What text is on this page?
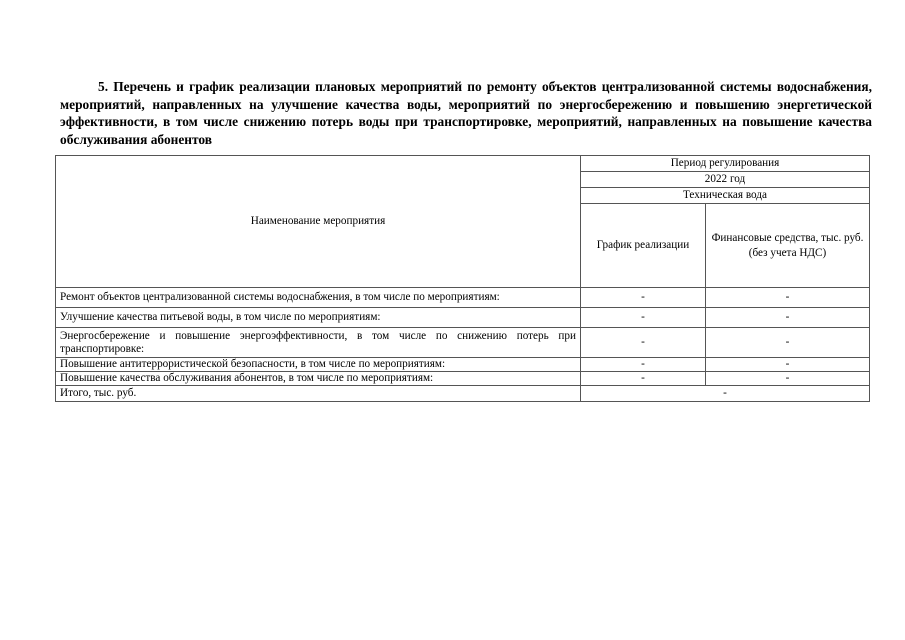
5. Перечень и график реализации плановых мероприятий по ремонту объектов централизованной системы водоснабжения, мероприятий, направленных на улучшение качества воды, мероприятий по энергосбережению и повышению энергетической эффективности, в том числе снижению потерь воды при транспортировке, мероприятий, направленных на повышение качества обслуживания абонентов

Наименование мероприятия	Период регулирования	
	2022 год	
	Техническая вода	
	График реализации	Финансовые средства, тыс. руб. (без учета НДС)
Ремонт объектов централизованной системы водоснабжения, в том числе по мероприятиям:	-	-
Улучшение качества питьевой воды, в том числе по мероприятиям:	-	-
Энергосбережение и повышение энергоэффективности, в том числе по снижению потерь при транспортировке:	-	-
Повышение антитеррористической безопасности, в том числе по мероприятиям:	-	-
Повышение качества обслуживания абонентов, в том числе по мероприятиям:	-	-
Итого, тыс. руб.	-	
